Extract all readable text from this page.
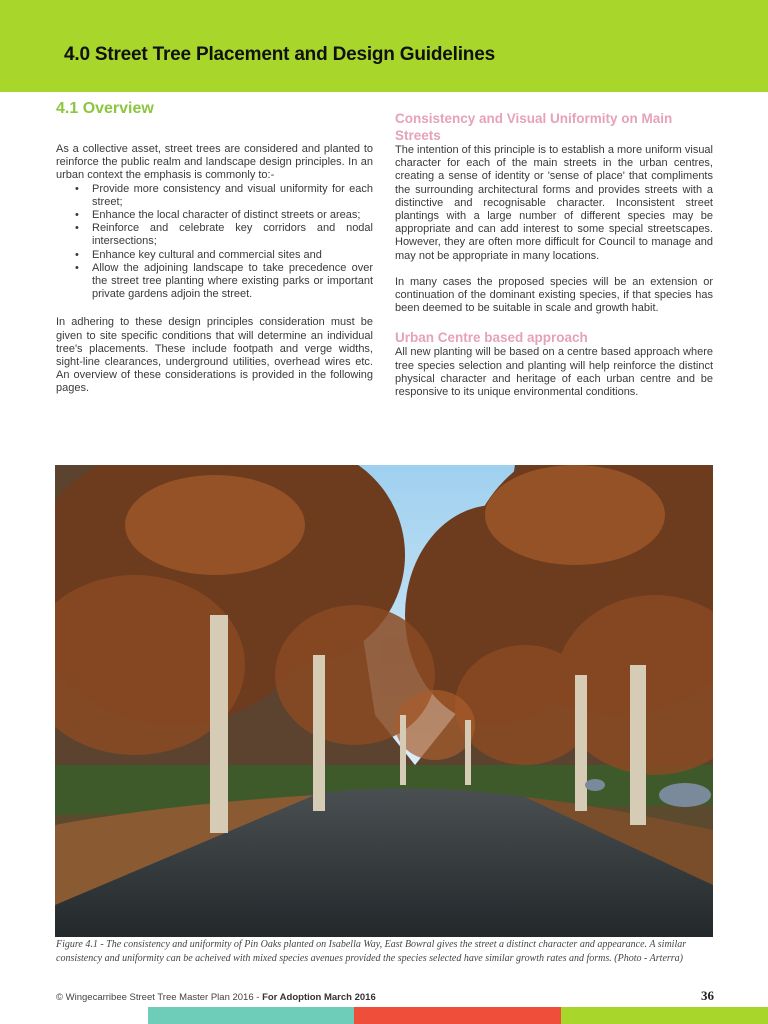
4.0 Street Tree Placement and Design Guidelines
4.1 Overview

As a collective asset, street trees are considered and planted to reinforce the public realm and landscape design principles. In an urban context the emphasis is commonly to:-

• Provide more consistency and visual uniformity for each street;
• Enhance the local character of distinct streets or areas;
• Reinforce and celebrate key corridors and nodal intersections;
• Enhance key cultural and commercial sites and
• Allow the adjoining landscape to take precedence over the street tree planting where existing parks or important private gardens adjoin the street.

In adhering to these design principles consideration must be given to site specific conditions that will determine an individual tree's placements. These include footpath and verge widths, sight-line clearances, underground utilities, overhead wires etc. An overview of these considerations is provided in the following pages.

Consistency and Visual Uniformity on Main Streets

The intention of this principle is to establish a more uniform visual character for each of the main streets in the urban centres, creating a sense of identity or 'sense of place' that compliments the surrounding architectural forms and provides streets with a distinctive and recognisable character. Inconsistent street plantings with a large number of different species may be appropriate and can add interest to some special streetscapes. However, they are often more difficult for Council to manage and may not be appropriate in many locations.

In many cases the proposed species will be an extension or continuation of the dominant existing species, if that species has been deemed to be suitable in scale and growth habit.

Urban Centre based approach

All new planting will be based on a centre based approach where tree species selection and planting will help reinforce the distinct physical character and heritage of each urban centre and be responsive to its unique environmental conditions.

Figure 4.1 - The consistency and uniformity of Pin Oaks planted on Isabella Way, East Bowral gives the street a distinct character and appearance. A similar consistency and uniformity can be acheived with mixed species avenues provided the species selected have similar growth rates and forms. (Photo - Arterra)

© Wingecarribee Street Tree Master Plan 2016 - For Adoption March 2016	36
